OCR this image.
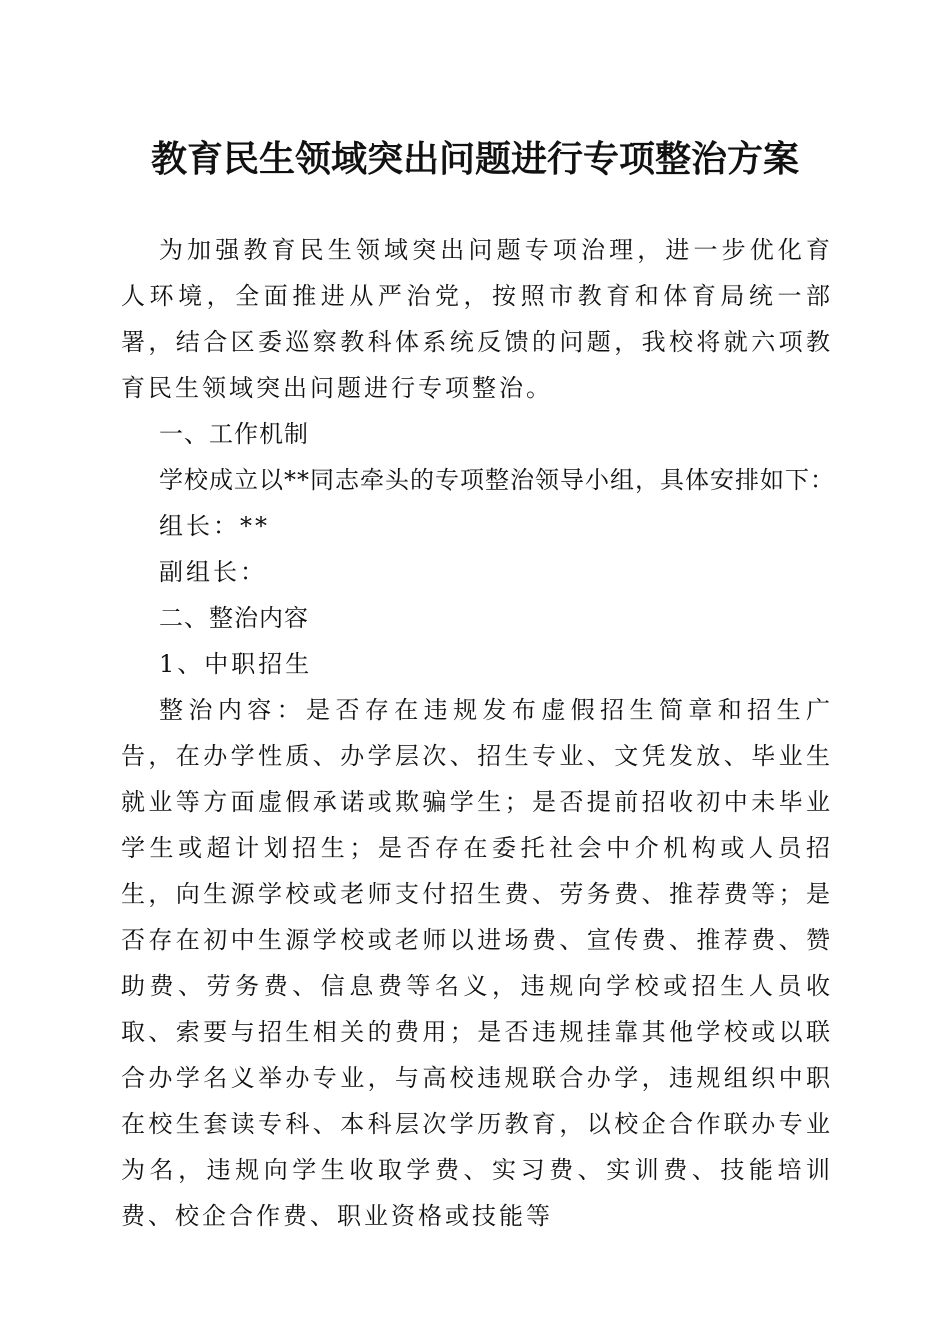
教育民生领域突出问题进行专项整治方案

为加强教育民生领域突出问题专项治理，进一步优化育人环境，全面推进从严治党，按照市教育和体育局统一部署，结合区委巡察教科体系统反馈的问题，我校将就六项教育民生领域突出问题进行专项整治。

一、工作机制

学校成立以**同志牵头的专项整治领导小组，具体安排如下：

组长：**

副组长：

二、整治内容

1、中职招生

整治内容：是否存在违规发布虚假招生简章和招生广告，在办学性质、办学层次、招生专业、文凭发放、毕业生就业等方面虚假承诺或欺骗学生；是否提前招收初中未毕业学生或超计划招生；是否存在委托社会中介机构或人员招生，向生源学校或老师支付招生费、劳务费、推荐费等；是否存在初中生源学校或老师以进场费、宣传费、推荐费、赞助费、劳务费、信息费等名义，违规向学校或招生人员收取、索要与招生相关的费用；是否违规挂靠其他学校或以联合办学名义举办专业，与高校违规联合办学，违规组织中职在校生套读专科、本科层次学历教育，以校企合作联办专业为名，违规向学生收取学费、实习费、实训费、技能培训费、校企合作费、职业资格或技能等
